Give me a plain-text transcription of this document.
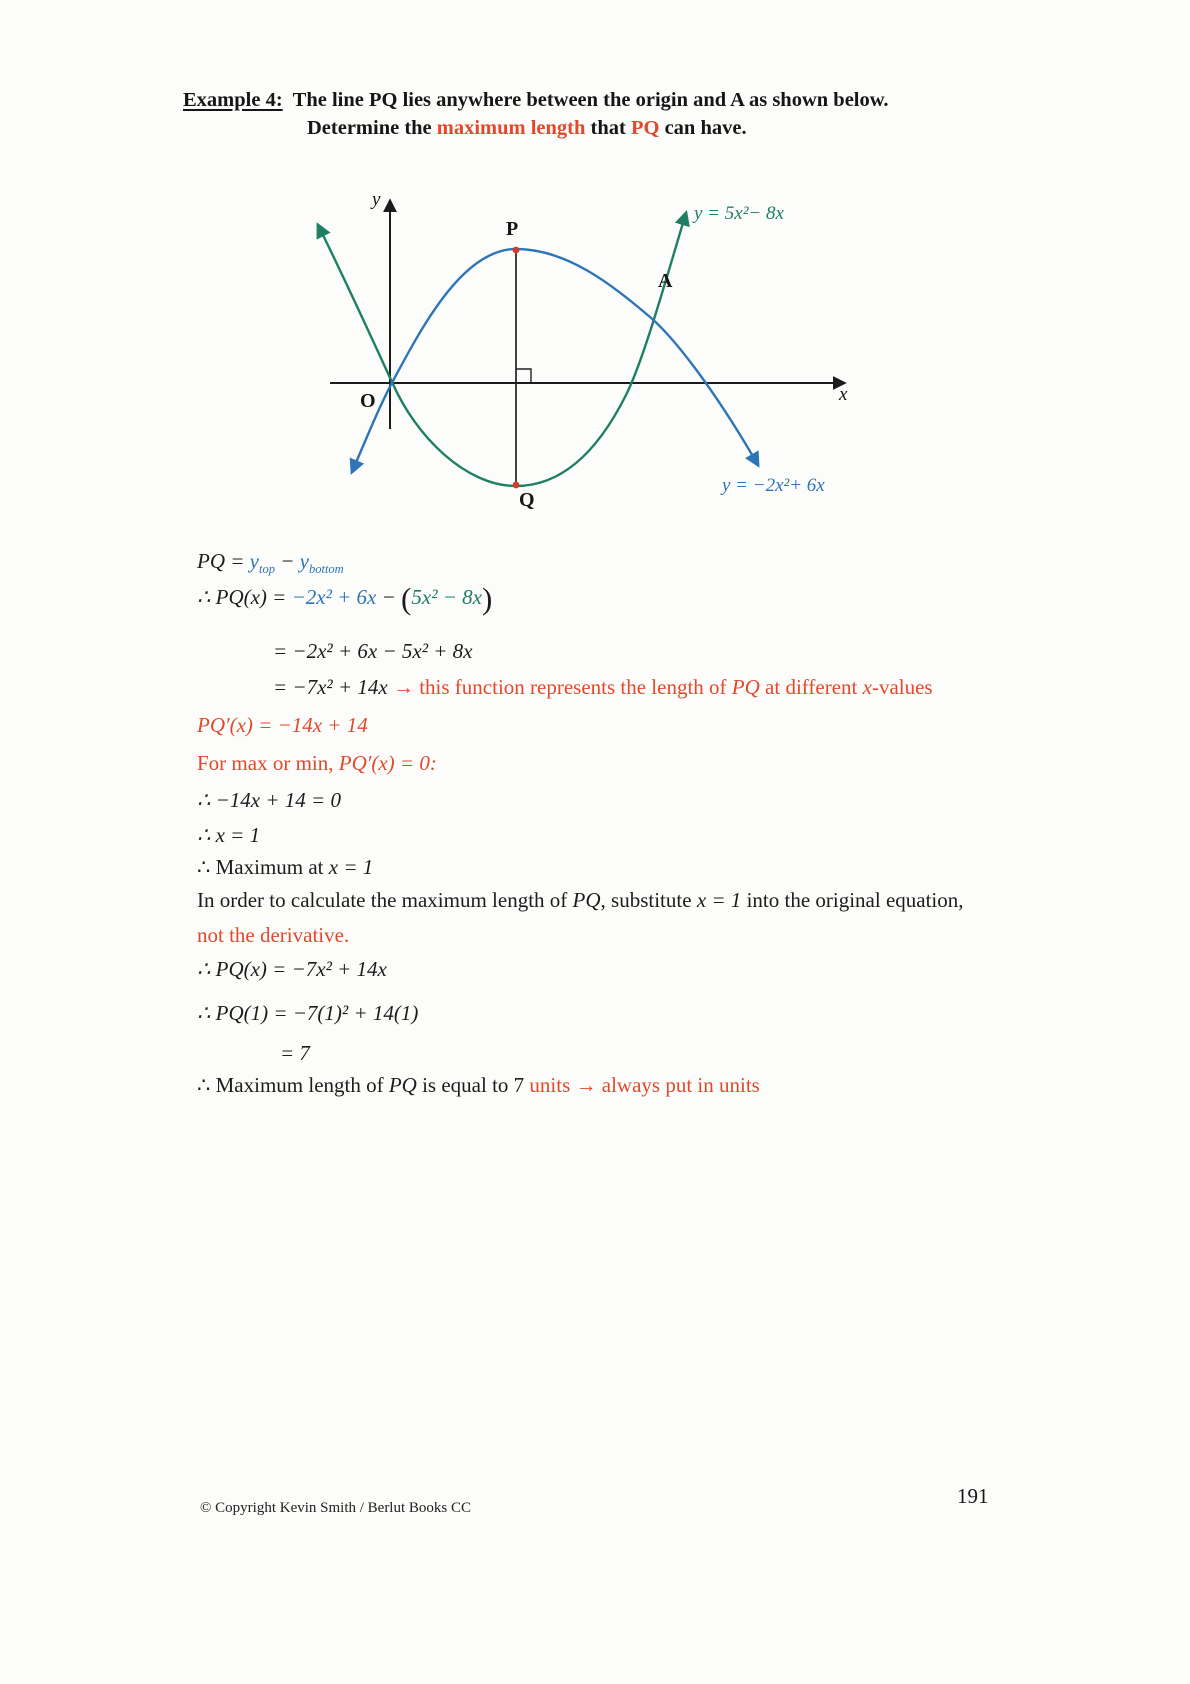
Example 4: The line PQ lies anywhere between the origin and A as shown below.
Determine the maximum length that PQ can have.
y
x
O
P
Q
A
y = 5x²− 8x
y = −2x²+ 6x
PQ = $y_{top} - y_{bottom}$
∴ PQ(x) = −2x² + 6x − (5x² − 8x)
= −2x² + 6x − 5x² + 8x
= −7x² + 14x → this function represents the length of PQ at different x-values
PQ′(x) = −14x + 14
For max or min, PQ′(x) = 0:
∴ −14x + 14 = 0
∴ x = 1
∴ Maximum at x = 1
In order to calculate the maximum length of PQ, substitute x = 1 into the original equation,
not the derivative.
∴ PQ(x) = −7x² + 14x
∴ PQ(1) = −7(1)² + 14(1)
= 7
∴ Maximum length of PQ is equal to 7 units → always put in units
© Copyright Kevin Smith / Berlut Books CC	191
